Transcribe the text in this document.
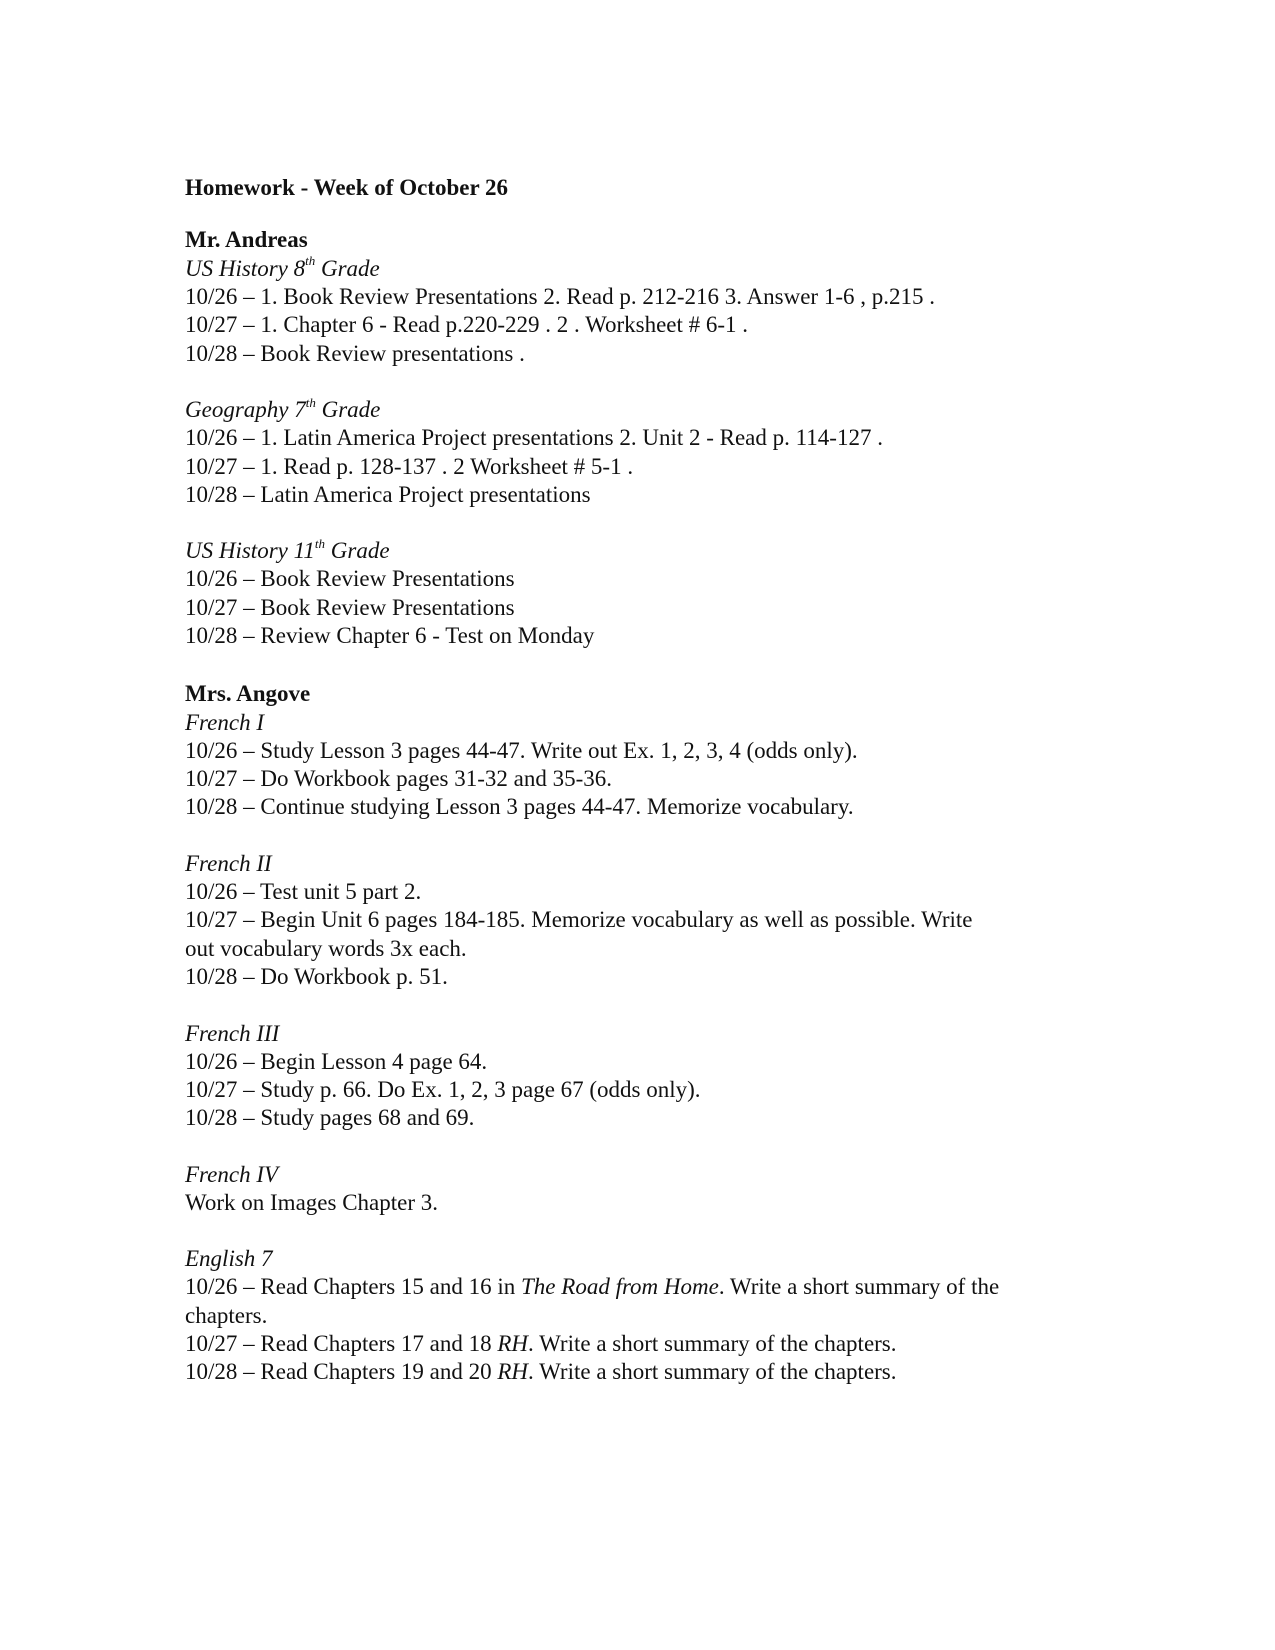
Homework - Week of October 26

Mr. Andreas

US History 8th Grade

10/26 – 1. Book Review Presentations 2. Read p. 212-216 3. Answer 1-6 , p.215 .

10/27 – 1. Chapter 6 - Read p.220-229 . 2 . Worksheet # 6-1 .

10/28 – Book Review presentations .

Geography 7th Grade

10/26 – 1. Latin America Project presentations 2. Unit 2 - Read p. 114-127 .

10/27 – 1. Read p. 128-137 . 2 Worksheet # 5-1 .

10/28 – Latin America Project presentations

US History 11th Grade

10/26 – Book Review Presentations

10/27 – Book Review Presentations

10/28 – Review Chapter 6 - Test on Monday

Mrs. Angove

French I

10/26 – Study Lesson 3 pages 44-47. Write out Ex. 1, 2, 3, 4 (odds only).

10/27 – Do Workbook pages 31-32 and 35-36.

10/28 – Continue studying Lesson 3 pages 44-47. Memorize vocabulary.

French II

10/26 – Test unit 5 part 2.

10/27 – Begin Unit 6 pages 184-185. Memorize vocabulary as well as possible. Write

out vocabulary words 3x each.

10/28 – Do Workbook p. 51.

French III

10/26 – Begin Lesson 4 page 64.

10/27 – Study p. 66. Do Ex. 1, 2, 3 page 67 (odds only).

10/28 – Study pages 68 and 69.

French IV

Work on Images Chapter 3.

English 7

10/26 – Read Chapters 15 and 16 in The Road from Home. Write a short summary of the

chapters.

10/27 – Read Chapters 17 and 18 RH. Write a short summary of the chapters.

10/28 – Read Chapters 19 and 20 RH. Write a short summary of the chapters.
